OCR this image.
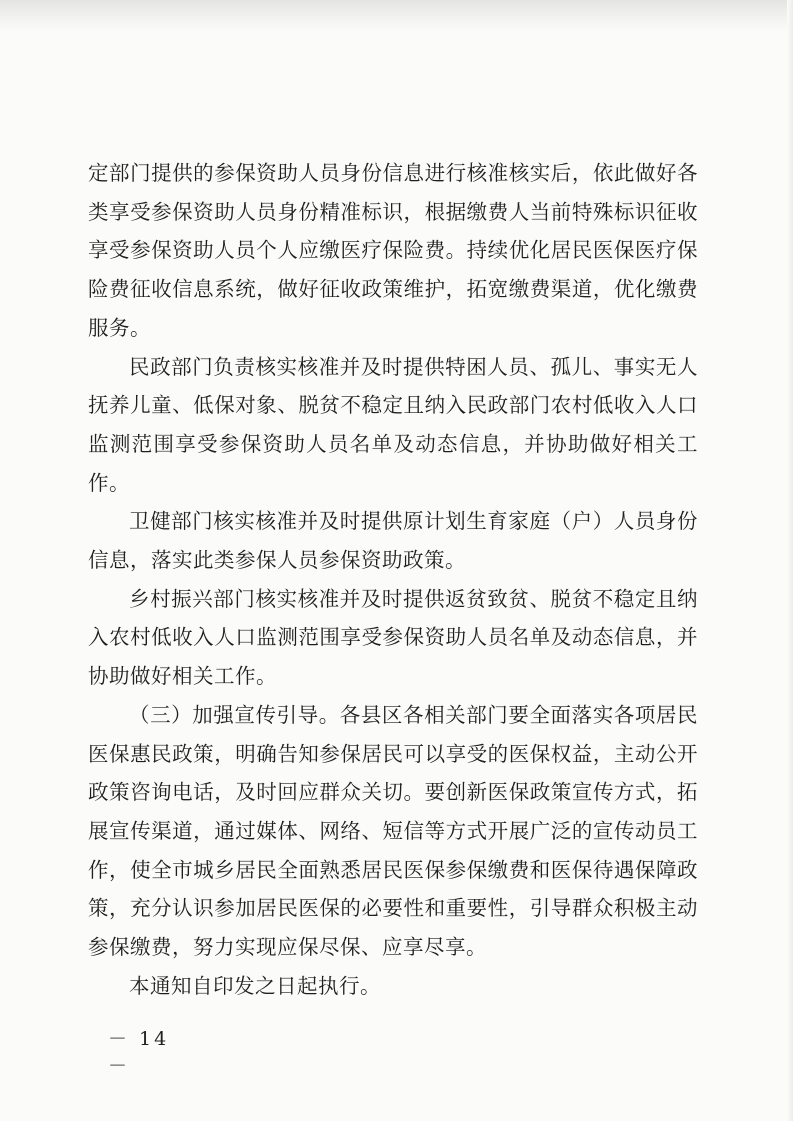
定部门提供的参保资助人员身份信息进行核准核实后，依此做好各类享受参保资助人员身份精准标识，根据缴费人当前特殊标识征收享受参保资助人员个人应缴医疗保险费。持续优化居民医保医疗保险费征收信息系统，做好征收政策维护，拓宽缴费渠道，优化缴费服务。

民政部门负责核实核准并及时提供特困人员、孤儿、事实无人抚养儿童、低保对象、脱贫不稳定且纳入民政部门农村低收入人口监测范围享受参保资助人员名单及动态信息，并协助做好相关工作。

卫健部门核实核准并及时提供原计划生育家庭（户）人员身份信息，落实此类参保人员参保资助政策。

乡村振兴部门核实核准并及时提供返贫致贫、脱贫不稳定且纳入农村低收入人口监测范围享受参保资助人员名单及动态信息，并协助做好相关工作。

（三）加强宣传引导。各县区各相关部门要全面落实各项居民医保惠民政策，明确告知参保居民可以享受的医保权益，主动公开政策咨询电话，及时回应群众关切。要创新医保政策宣传方式，拓展宣传渠道，通过媒体、网络、短信等方式开展广泛的宣传动员工作，使全市城乡居民全面熟悉居民医保参保缴费和医保待遇保障政策，充分认识参加居民医保的必要性和重要性，引导群众积极主动参保缴费，努力实现应保尽保、应享尽享。

本通知自印发之日起执行。

－ 14 －
